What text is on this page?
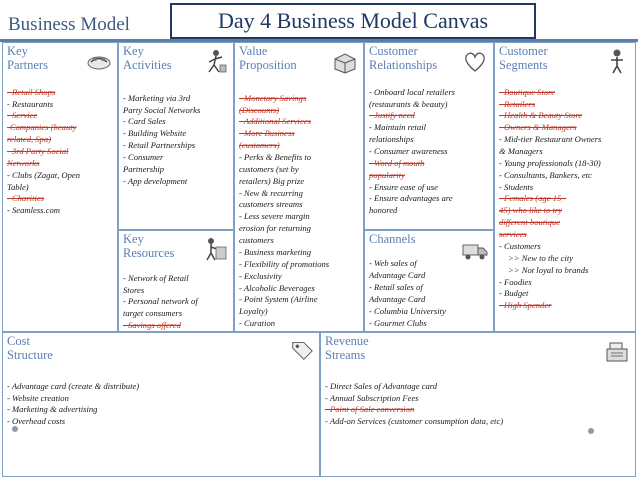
Business Model	Day 4 Business Model Canvas
Key
Partners
- Retail Shops
- Restaurants
- Service
-Companies (beauty
related, Spa)
- 3rd Party Social
Networks
- Clubs (Zagat, Open
Table)
- Charities
- Seamless.com
Key
Activities
- Marketing via 3rd
Party Social Networks
- Card Sales
- Building Website
- Retail Partnerships
- Consumer
Partnership
- App development
Key
Resources
- Network of Retail
Stores
- Personal network of
target consumers
- Savings offered
Value
Proposition
- Monetary Savings
(Discounts)
- Additional Services
- More Business
(customers)
- Perks & Benefits to
customers (set by
retailers) Big prize
- New & recurring
customers streams
- Less severe margin
erosion for returning
customers
- Business marketing
- Flexibility of promotions
- Exclusivity
- Alcoholic Beverages
- Point System (Airline
Loyalty)
- Curation
Customer
Relationships
- Onboard local retailers
(restaurants & beauty)
- Justify need
- Maintain retail
relationships
- Consumer awareness
- Word of mouth
popularity
- Ensure ease of use
- Ensure advantages are
honored
Channels
- Web sales of
Advantage Card
- Retail sales of
Advantage Card
- Columbia University
- Gourmet Clubs
Customer
Segments
- Boutique Store
- Retailers
- Health & Beauty Store
- Owners & Managers
- Mid-tier Restaurant Owners
& Managers
- Young professionals (18-30)
- Consultants, Bankers, etc
- Students
- Females (age 15 -
45) who like to try
different boutique
services
- Customers
>> New to the city
>> Not loyal to brands
- Foodies
- Budget
- High Spender
Cost
Structure
- Advantage card (create & distribute)
- Website creation
- Marketing & advertising
- Overhead costs
Revenue
Streams
- Direct Sales of Advantage card
- Annual Subscription Fees
- Point of Sale conversion
- Add-on Services (customer consumption data, etc)
